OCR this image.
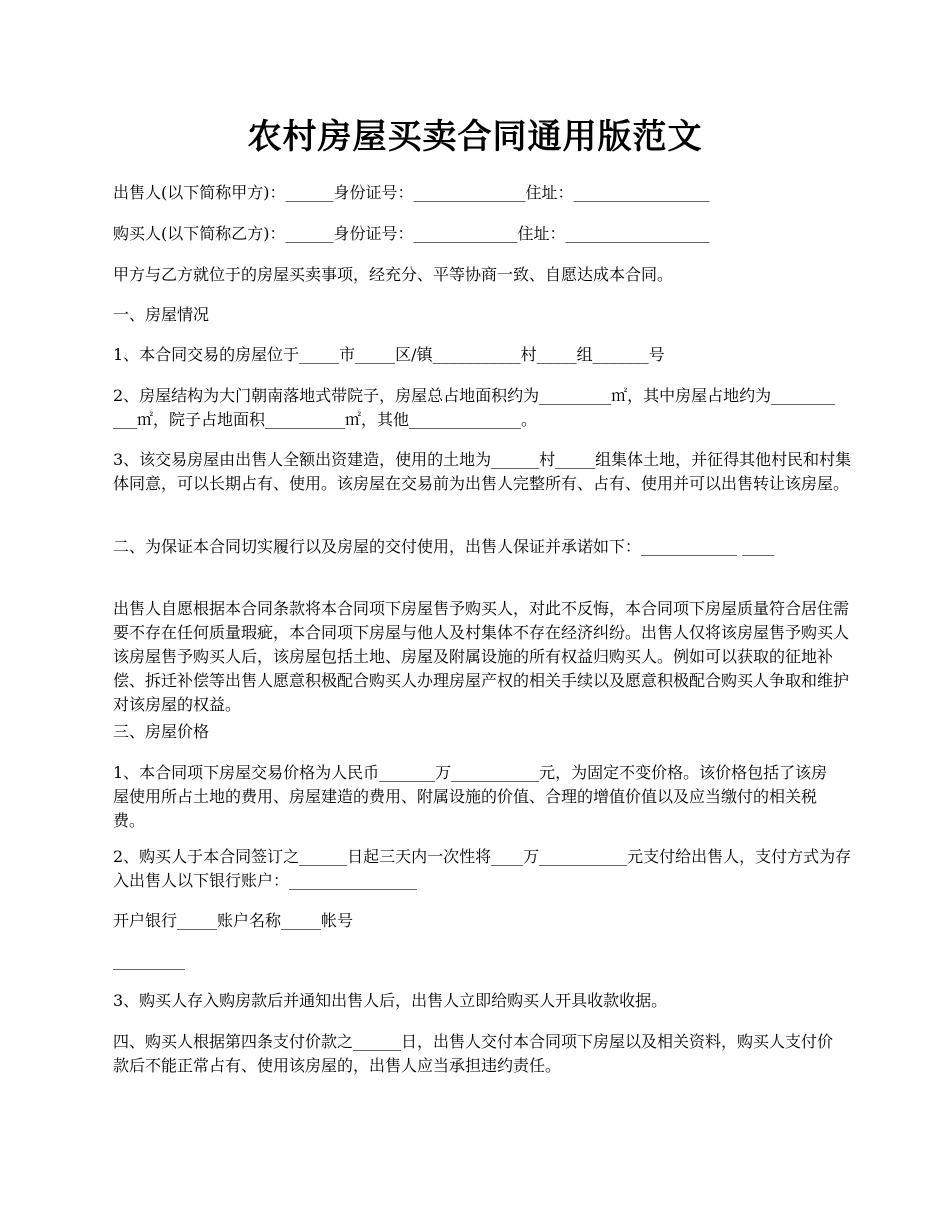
农村房屋买卖合同通用版范文
出售人(以下简称甲方)：______身份证号：______________住址：_________________
购买人(以下简称乙方)：______身份证号：_____________住址：__________________
甲方与乙方就位于的房屋买卖事项，经充分、平等协商一致、自愿达成本合同。
一、房屋情况
1、本合同交易的房屋位于_____市_____区/镇___________村_____组_______号
2、房屋结构为大门朝南落地式带院子，房屋总占地面积约为_________㎡，其中房屋占地约为___________㎡，院子占地面积__________㎡，其他______________。
3、该交易房屋由出售人全额出资建造，使用的土地为______村_____组集体土地，并征得其他村民和村集体同意，可以长期占有、使用。该房屋在交易前为出售人完整所有、占有、使用并可以出售转让该房屋。
二、为保证本合同切实履行以及房屋的交付使用，出售人保证并承诺如下：____________ ____
出售人自愿根据本合同条款将本合同项下房屋售予购买人，对此不反悔，本合同项下房屋质量符合居住需要不存在任何质量瑕疵，本合同项下房屋与他人及村集体不存在经济纠纷。出售人仅将该房屋售予购买人该房屋售予购买人后，该房屋包括土地、房屋及附属设施的所有权益归购买人。例如可以获取的征地补偿、拆迁补偿等出售人愿意积极配合购买人办理房屋产权的相关手续以及愿意积极配合购买人争取和维护对该房屋的权益。
三、房屋价格
1、本合同项下房屋交易价格为人民币_______万___________元，为固定不变价格。该价格包括了该房屋使用所占土地的费用、房屋建造的费用、附属设施的价值、合理的增值价值以及应当缴付的相关税费。
2、购买人于本合同签订之______日起三天内一次性将____万___________元支付给出售人，支付方式为存入出售人以下银行账户：________________
开户银行_____账户名称_____帐号
_________
3、购买人存入购房款后并通知出售人后，出售人立即给购买人开具收款收据。
四、购买人根据第四条支付价款之______日，出售人交付本合同项下房屋以及相关资料，购买人支付价款后不能正常占有、使用该房屋的，出售人应当承担违约责任。
